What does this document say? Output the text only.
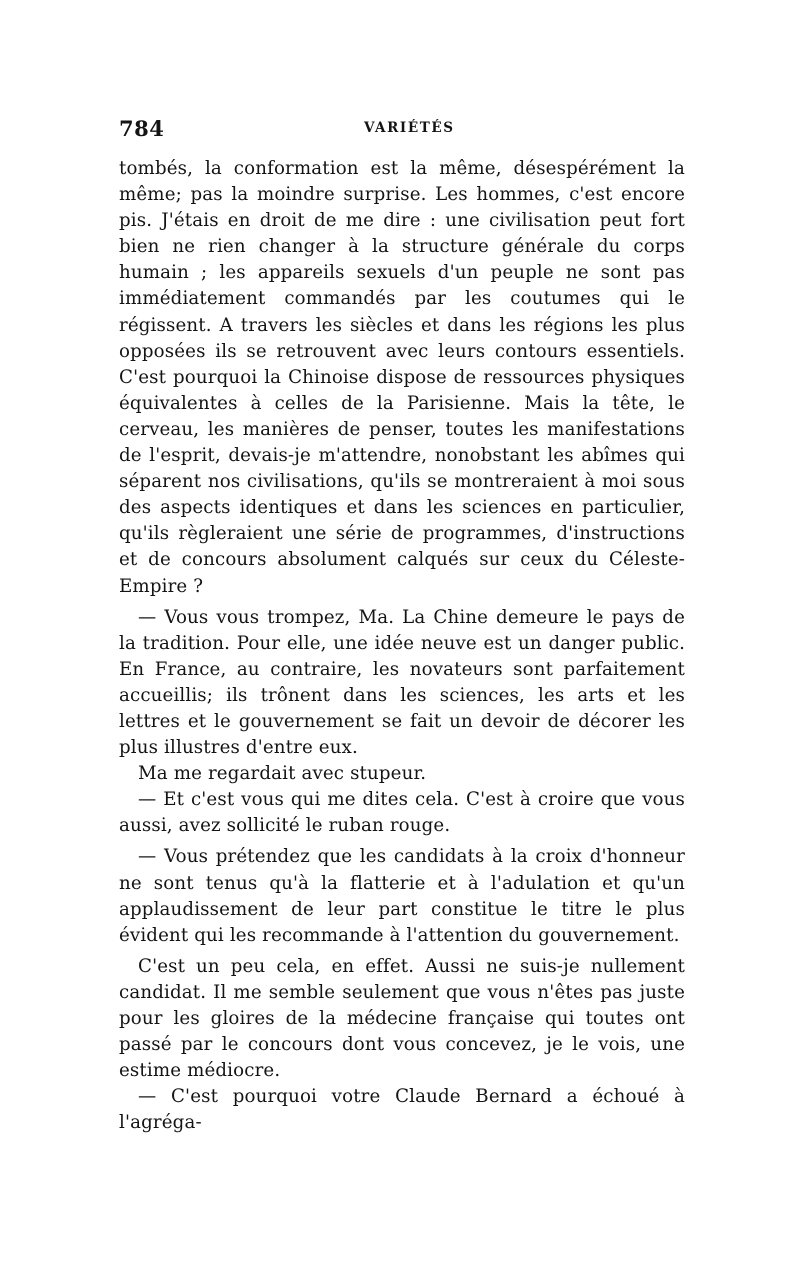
784	VARIÉTÉS

tombés, la conformation est la même, désespérément la même; pas la moindre surprise. Les hommes, c'est encore pis. J'étais en droit de me dire : une civilisation peut fort bien ne rien changer à la structure générale du corps humain ; les appareils sexuels d'un peuple ne sont pas immédiatement commandés par les coutumes qui le régissent. A travers les siècles et dans les régions les plus opposées ils se retrouvent avec leurs contours essentiels. C'est pourquoi la Chinoise dispose de ressources physiques équivalentes à celles de la Parisienne. Mais la tête, le cerveau, les manières de penser, toutes les manifestations de l'esprit, devais-je m'attendre, nonobstant les abîmes qui séparent nos civilisations, qu'ils se montreraient à moi sous des aspects identiques et dans les sciences en particulier, qu'ils règleraient une série de programmes, d'instructions et de concours absolument calqués sur ceux du Céleste-Empire ?

— Vous vous trompez, Ma. La Chine demeure le pays de la tradition. Pour elle, une idée neuve est un danger public. En France, au contraire, les novateurs sont parfaitement accueillis; ils trônent dans les sciences, les arts et les lettres et le gouvernement se fait un devoir de décorer les plus illustres d'entre eux.

Ma me regardait avec stupeur.

— Et c'est vous qui me dites cela. C'est à croire que vous aussi, avez sollicité le ruban rouge.

— Vous prétendez que les candidats à la croix d'honneur ne sont tenus qu'à la flatterie et à l'adulation et qu'un applaudissement de leur part constitue le titre le plus évident qui les recommande à l'attention du gouvernement.

C'est un peu cela, en effet. Aussi ne suis-je nullement candidat. Il me semble seulement que vous n'êtes pas juste pour les gloires de la médecine française qui toutes ont passé par le concours dont vous concevez, je le vois, une estime médiocre.

— C'est pourquoi votre Claude Bernard a échoué à l'agréga-
